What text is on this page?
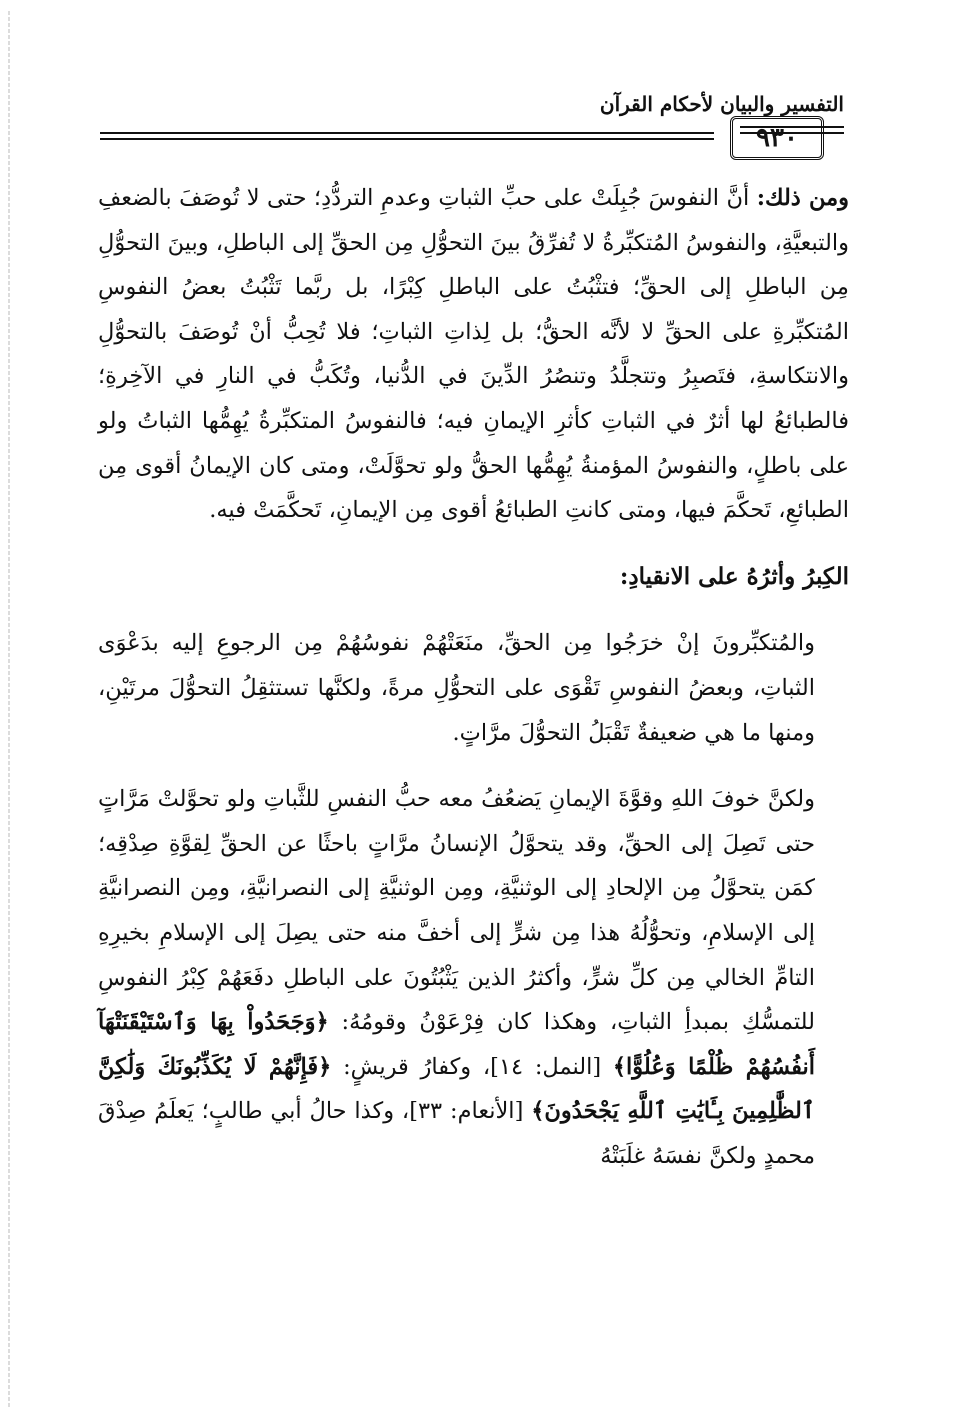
التفسير والبيان لأحكام القرآن
٩٣٠

ومن ذلك: أنَّ النفوسَ جُبِلَتْ على حبِّ الثباتِ وعدمِ التردُّدِ؛ حتى لا تُوصَفَ بالضعفِ والتبعيَّةِ، والنفوسُ المُتكبِّرةُ لا تُفرِّقُ بينَ التحوُّلِ مِن الحقِّ إلى الباطلِ، وبينَ التحوُّلِ مِن الباطلِ إلى الحقِّ؛ فتثْبُتُ على الباطلِ كِبْرًا، بل ربَّما تَثْبُتُ بعضُ النفوسِ المُتكبِّرةِ على الحقِّ لا لأنَّه الحقُّ؛ بل لِذاتِ الثباتِ؛ فلا تُحِبُّ أنْ تُوصَفَ بالتحوُّلِ والانتكاسةِ، فتَصبِرُ وتتجلَّدُ وتنصُرُ الدِّينَ في الدُّنيا، وتُكَبُّ في النارِ في الآخِرةِ؛ فالطبائعُ لها أثرٌ في الثباتِ كأثرِ الإيمانِ فيه؛ فالنفوسُ المتكبِّرةُ يُهِمُّها الثباتُ ولو على باطلٍ، والنفوسُ المؤمنةُ يُهِمُّها الحقُّ ولو تحوَّلَتْ، ومتى كان الإيمانُ أقوى مِن الطبائعِ، تَحكَّمَ فيها، ومتى كانتِ الطبائعُ أقوى مِن الإيمانِ، تَحكَّمَتْ فيه.

الكِبرُ وأثرُهُ على الانقيادِ:

والمُتكبِّرونَ إنْ خرَجُوا مِن الحقِّ، منَعَتْهُمْ نفوسُهُمْ مِن الرجوعِ إليه بدَعْوَى الثباتِ، وبعضُ النفوسِ تَقْوَى على التحوُّلِ مرةً، ولكنَّها تستثقِلُ التحوُّلَ مرتَيْنِ، ومنها ما هي ضعيفةٌ تَقْبَلُ التحوُّلَ مرَّاتٍ.

ولكنَّ خوفَ اللهِ وقوَّةَ الإيمانِ يَضعُفُ معه حبُّ النفسِ للثَّباتِ ولو تحوَّلتْ مَرَّاتٍ حتى تَصِلَ إلى الحقِّ، وقد يتحوَّلُ الإنسانُ مرَّاتٍ باحثًا عن الحقِّ لِقوَّةِ صِدْقِه؛ كمَن يتحوَّلُ مِن الإلحادِ إلى الوثنيَّةِ، ومِن الوثنيَّةِ إلى النصرانيَّةِ، ومِن النصرانيَّةِ إلى الإسلامِ، وتحوُّلُهُ هذا مِن شرٍّ إلى أخفَّ منه حتى يصِلَ إلى الإسلامِ بخيرِهِ التامِّ الخالي مِن كلِّ شرٍّ، وأكثرُ الذين يَثْبُتُونَ على الباطلِ دفَعَهُمْ كِبْرُ النفوسِ للتمسُّكِ بمبدأِ الثباتِ، وهكذا كان فِرْعَوْنُ وقومُهُ: ﴿وَجَحَدُواْ بِهَا وَٱسْتَيْقَنَتْهَآ أَنفُسُهُمْ ظُلْمًا وَعُلُوًّا﴾ [النمل: ١٤]، وكفارُ قريشٍ: ﴿فَإِنَّهُمْ لَا يُكَذِّبُونَكَ وَلَٰكِنَّ ٱلظَّٰلِمِينَ بِـَٔايَٰتِ ٱللَّهِ يَجْحَدُونَ﴾ [الأنعام: ٣٣]، وكذا حالُ أبي طالبٍ؛ يَعلَمُ صِدْقَ محمدٍ ولكنَّ نفسَهُ غلَبَتْهُ
